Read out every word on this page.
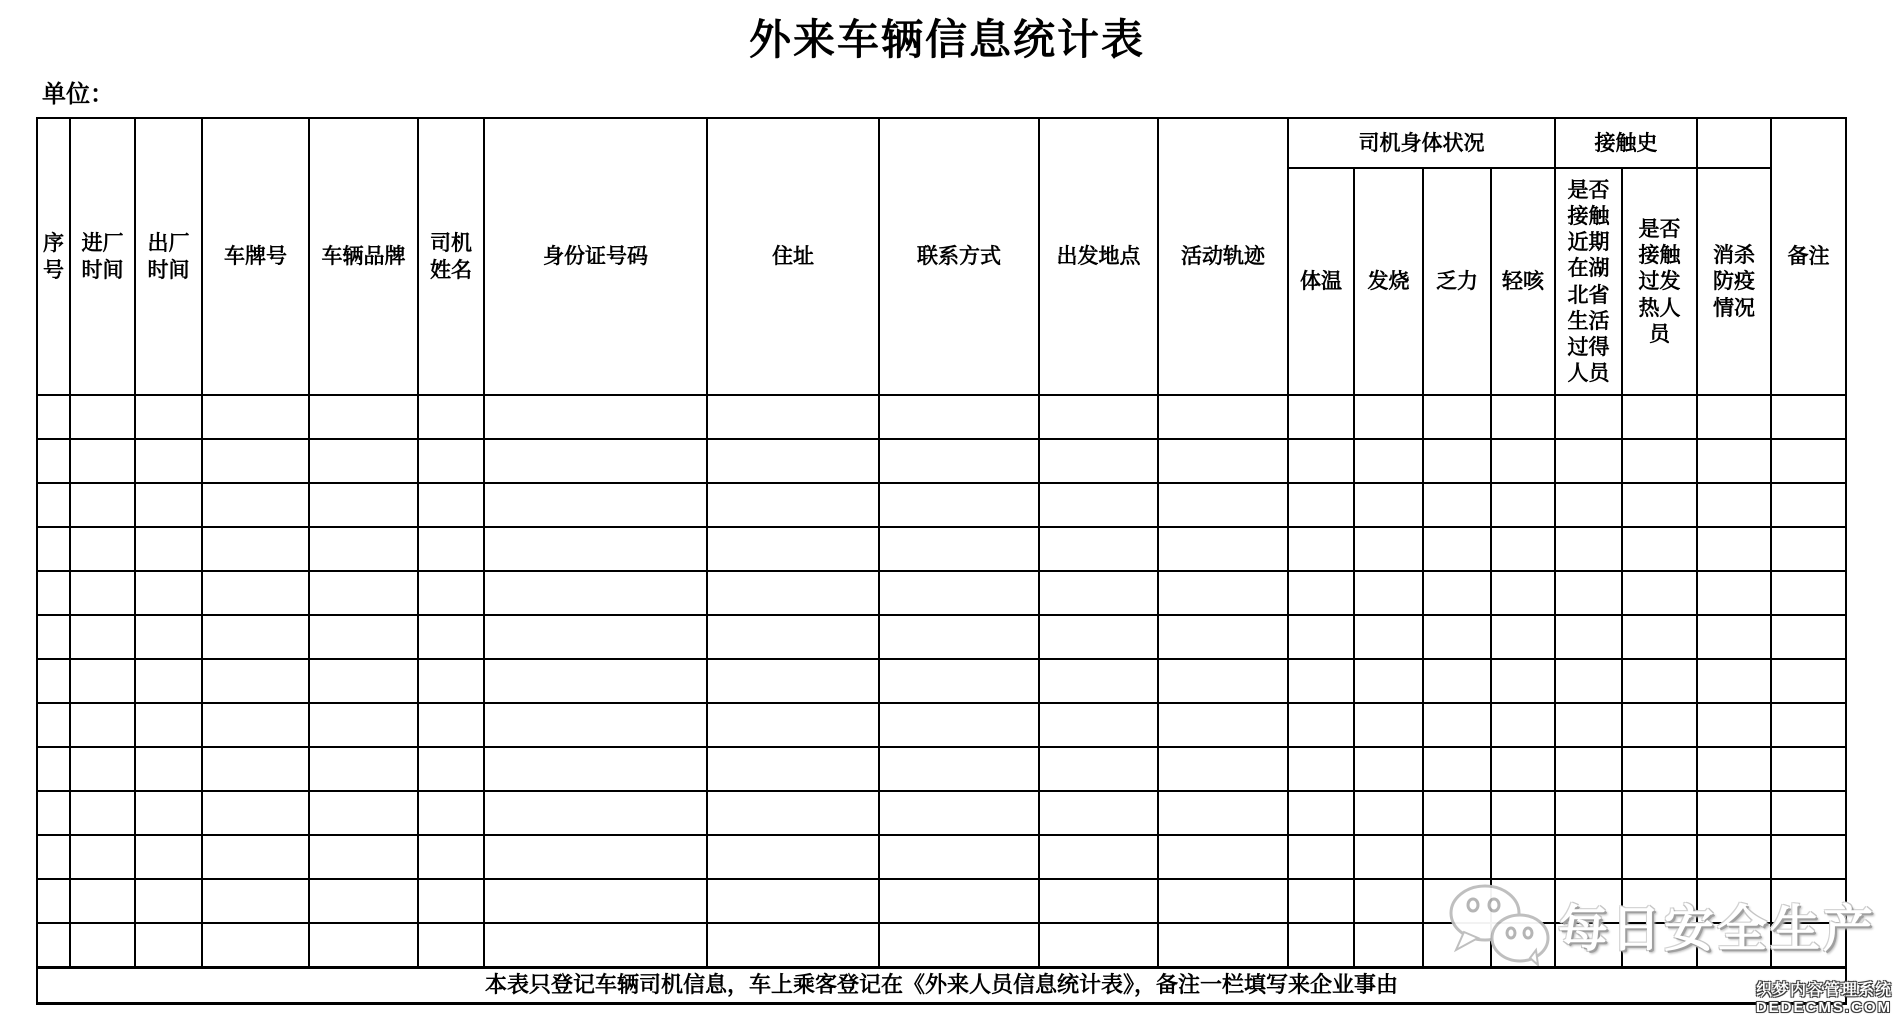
外来车辆信息统计表
单位：
序号	进厂时间	出厂时间	车牌号	车辆品牌	司机姓名	身份证号码	住址	联系方式	出发地点	活动轨迹	司机身体状况				接触史			备注
											体温	发烧	乏力	轻咳	是否接触近期在湖北省生活过得人员	是否接触过发热人员	消杀防疫情况	

本表只登记车辆司机信息，车上乘客登记在《外来人员信息统计表》，备注一栏填写来企业事由																		
每日安全生产
织梦内容管理系统
DEDECMS.COM
